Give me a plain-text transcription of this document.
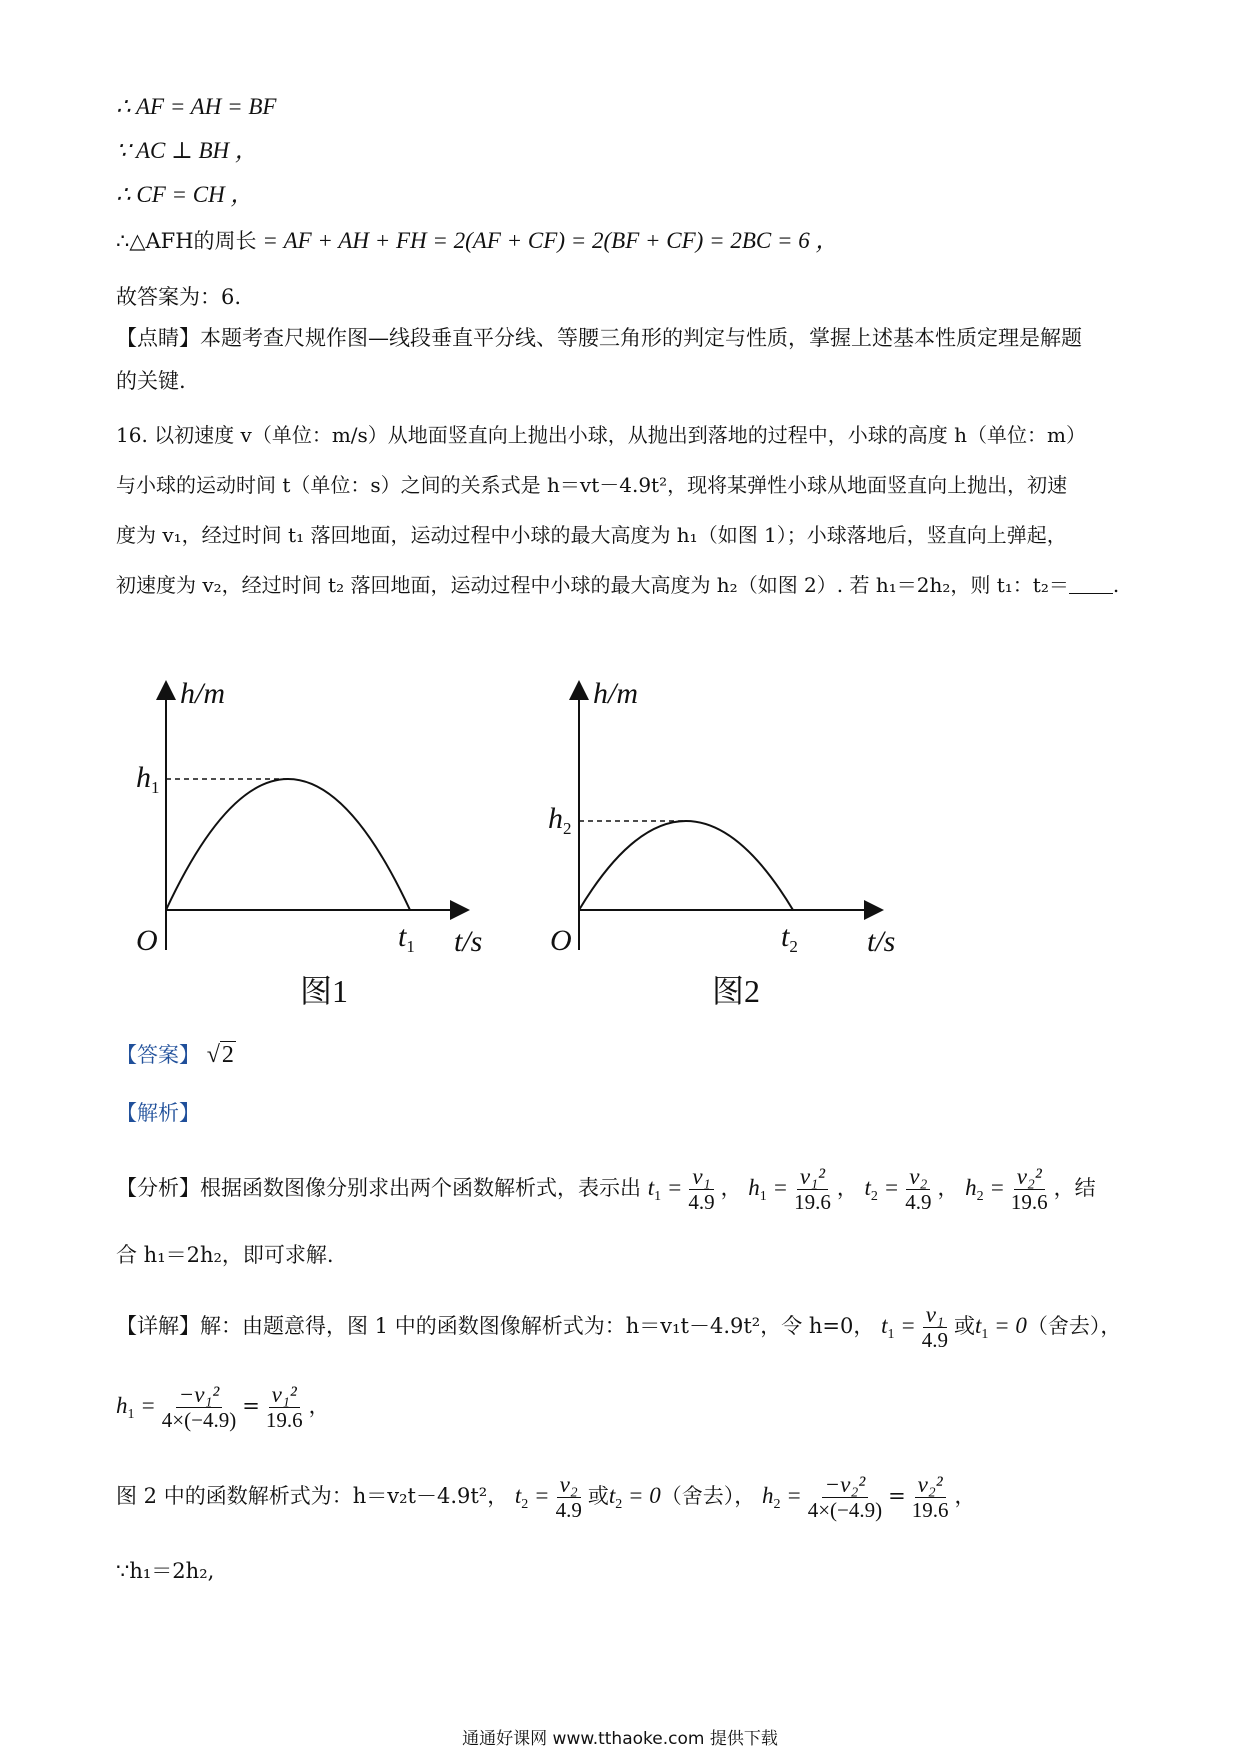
∴ AF = AH = BF
∵ AC ⊥ BH ，
∴ CF = CH ，
∴△AFH的周长 = AF + AH + FH = 2(AF + CF) = 2(BF + CF) = 2BC = 6 ，
故答案为：6.
【点睛】本题考查尺规作图—线段垂直平分线、等腰三角形的判定与性质，掌握上述基本性质定理是解题
的关键.
16. 以初速度 v（单位：m/s）从地面竖直向上抛出小球，从抛出到落地的过程中，小球的高度 h（单位：m）
与小球的运动时间 t（单位：s）之间的关系式是 h＝vt－4.9t²，现将某弹性小球从地面竖直向上抛出，初速
度为 v₁，经过时间 t₁ 落回地面，运动过程中小球的最大高度为 h₁（如图 1）；小球落地后，竖直向上弹起，
初速度为 v₂，经过时间 t₂ 落回地面，运动过程中小球的最大高度为 h₂（如图 2）. 若 h₁＝2h₂，则 t₁：t₂＝ .
h/m
$h_1$
O	$t_1$ t/s
图1
h/m
$h_2$
O	$t_2$ t/s
图2
【答案】 √2
【解析】
【分析】根据函数图像分别求出两个函数解析式，表示出 $t_1 = \frac{\text{v₁}}{4.9}$ ， $h_1 = \frac{\text{v₁²}}{19.6}$ ， $t_2 = \frac{\text{v₂}}{4.9}$ ， $h_2 = \frac{\text{v₂²}}{19.6}$ ，结
合 h₁＝2h₂，即可求解.
【详解】解：由题意得，图 1 中的函数图像解析式为：h＝v₁t－4.9t²，令 h=0， $t_1 = \frac{\text{v₁}}{4.9}$ 或$t_1 = 0$（舍去），
$h_1 = \frac{\text{−v₁²}}{4\times(-4.9)} = \frac{\text{v₁²}}{19.6}$ ，
图 2 中的函数解析式为：h＝v₂t－4.9t²， $t_2 = \frac{\text{v₂}}{4.9}$ 或$t_2 = 0$（舍去）， $h_2 = \frac{\text{−v₂²}}{4\times(-4.9)} = \frac{\text{v₂²}}{19.6}$ ，
∵h₁＝2h₂,
通通好课网 www.tthaoke.com 提供下载
